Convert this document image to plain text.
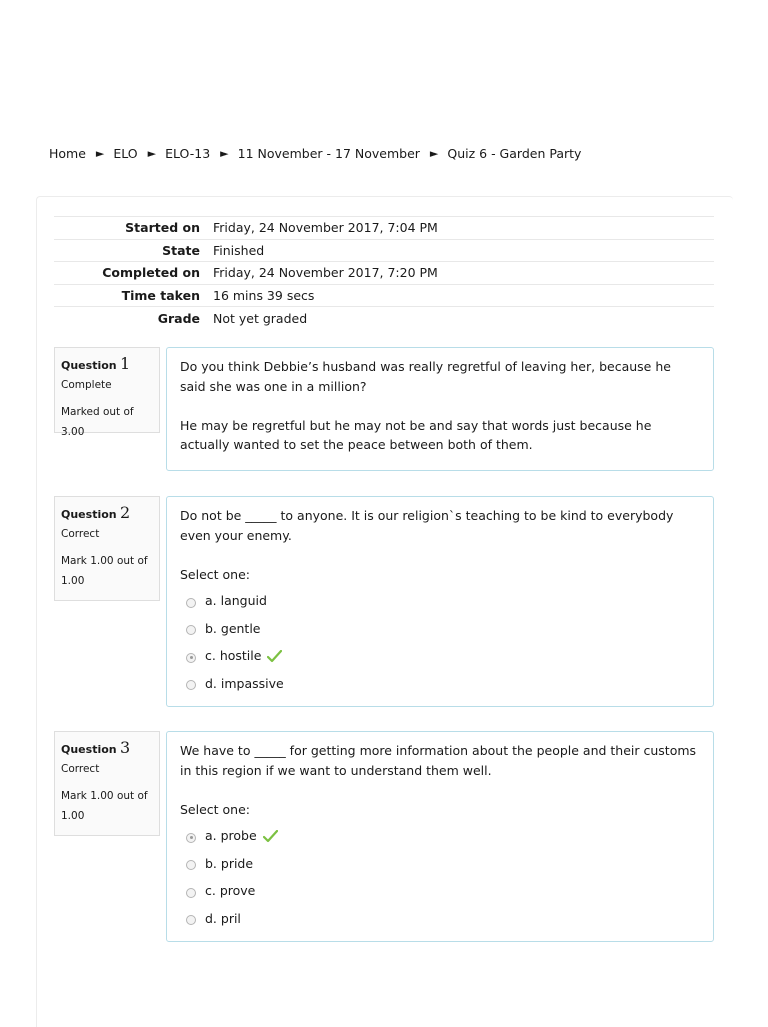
Home ► ELO ► ELO-13 ► 11 November - 17 November ► Quiz 6 - Garden Party
Started on	Friday, 24 November 2017, 7:04 PM
State	Finished
Completed on	Friday, 24 November 2017, 7:20 PM
Time taken	16 mins 39 secs
Grade	Not yet graded
Question 1
Complete
Marked out of 3.00

Do you think Debbie’s husband was really regretful of leaving her, because he said she was one in a million?

He may be regretful but he may not be and say that words just because he actually wanted to set the peace between both of them.

Question 2
Correct
Mark 1.00 out of 1.00

Do not be _____ to anyone. It is our religion`s teaching to be kind to everybody even your enemy.

Select one:

a. languid
b. gentle
c. hostile
d. impassive
Question 3
Correct
Mark 1.00 out of 1.00

We have to _____ for getting more information about the people and their customs in this region if we want to understand them well.

Select one:

a. probe
b. pride
c. prove
d. pril
